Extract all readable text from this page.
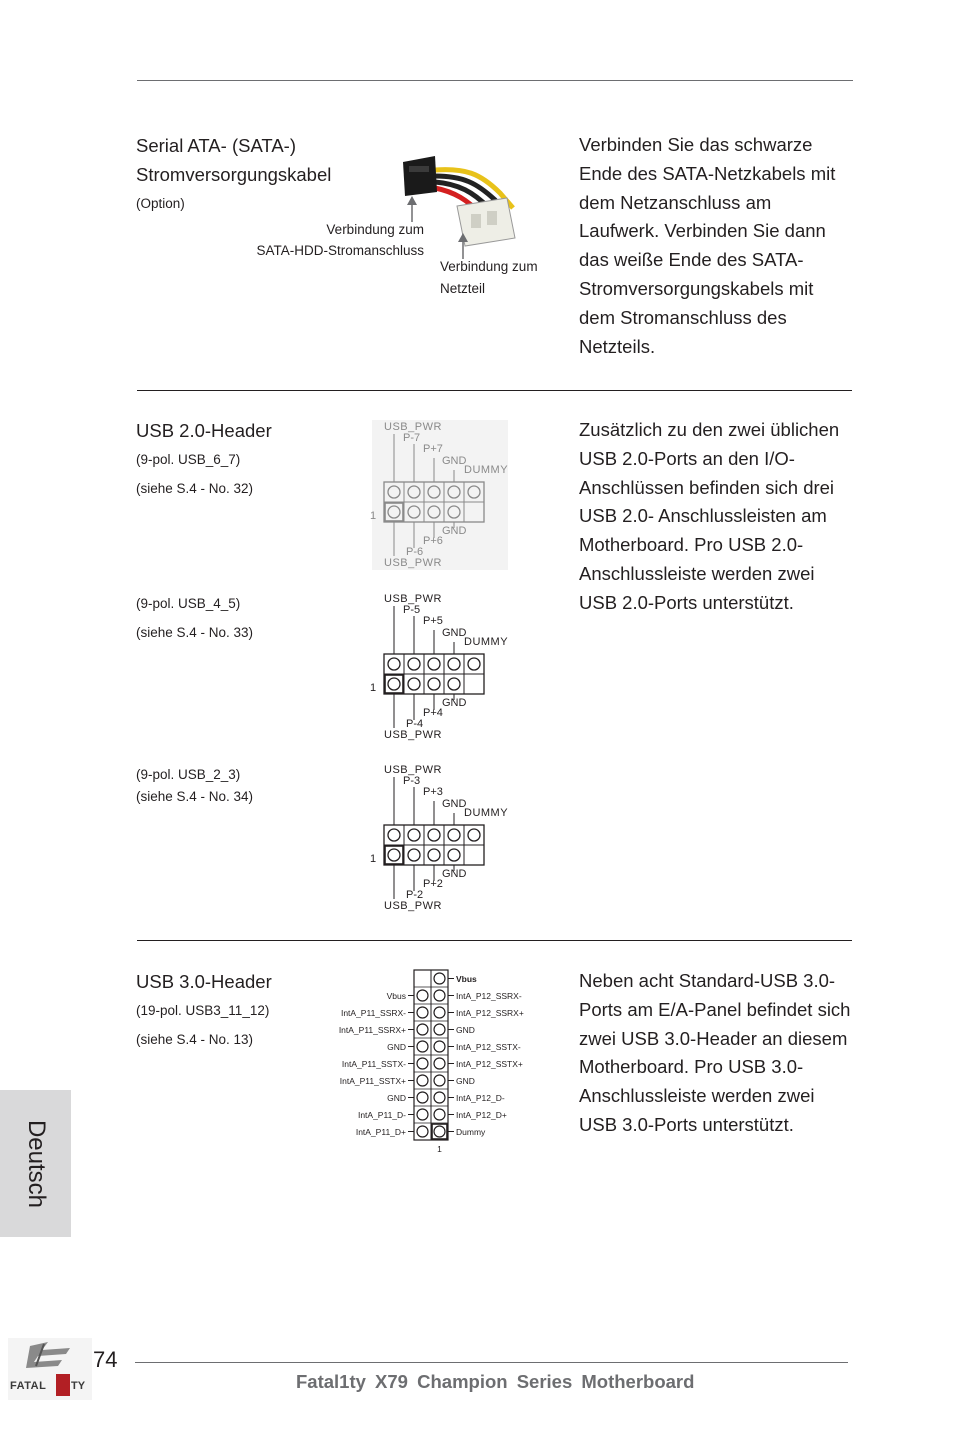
Serial ATA- (SATA-)
Stromversorgungskabel
(Option)
Verbindung zum
SATA-HDD-Stromanschluss
Verbindung zum
Netzteil
Verbinden Sie das schwarze Ende des SATA-Netzkabels mit dem Netzanschluss am Laufwerk. Verbinden Sie dann das weiße Ende des SATA-Stromversorgungskabels mit dem Stromanschluss des Netzteils.
USB 2.0-Header
(9-pol. USB_6_7)
(siehe S.4 - No. 32)
(9-pol. USB_4_5)
(siehe S.4 - No. 33)
(9-pol. USB_2_3)
(siehe S.4 - No. 34)
Zusätzlich zu den zwei üblichen USB 2.0-Ports an den I/O-Anschlüssen befinden sich drei USB 2.0- Anschlussleisten am Motherboard. Pro USB 2.0-Anschlussleiste werden zwei USB 2.0-Ports unterstützt.
USB_PWR
P-7
P+7
GND
DUMMY
1
GND
P+6
P-6
USB_PWR
USB_PWR
P-5
P+5
GND
DUMMY
1
GND
P+4
P-4
USB_PWR
USB_PWR
P-3
P+3
GND
DUMMY
1
GND
P+2
P-2
USB_PWR
USB 3.0-Header
(19-pol. USB3_11_12)
(siehe S.4 - No. 13)
Vbus
IntA_P12_SSRX-
IntA_P12_SSRX+
GND
IntA_P12_SSTX-
IntA_P12_SSTX+
GND
IntA_P12_D-
IntA_P12_D+
Dummy
Vbus
IntA_P11_SSRX-
IntA_P11_SSRX+
GND
IntA_P11_SSTX-
IntA_P11_SSTX+
GND
IntA_P11_D-
IntA_P11_D+
1
Neben acht Standard-USB 3.0-Ports am E/A-Panel befindet sich zwei USB 3.0-Header an diesem Motherboard. Pro USB 3.0-Anschlussleiste werden zwei USB 3.0-Ports unterstützt.
Deutsch
FATAL TY
74
Fatal1ty X79 Champion Series Motherboard
